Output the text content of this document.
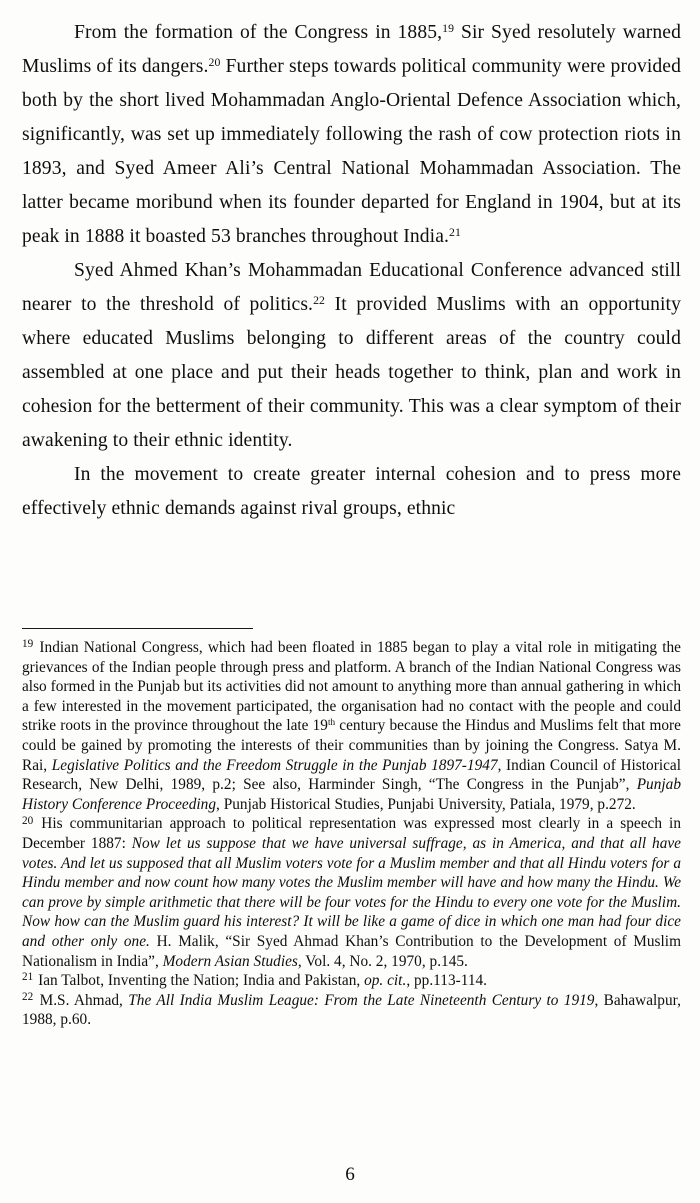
From the formation of the Congress in 1885,19 Sir Syed resolutely warned Muslims of its dangers.$^{20}$ Further steps towards political community were provided both by the short lived Mohammadan Anglo-Oriental Defence Association which, significantly, was set up immediately following the rash of cow protection riots in 1893, and Syed Ameer Ali’s Central National Mohammadan Association. The latter became moribund when its founder departed for England in 1904, but at its peak in 1888 it boasted 53 branches throughout India.$^{21}$

Syed Ahmed Khan’s Mohammadan Educational Conference advanced still nearer to the threshold of politics.$^{22}$ It provided Muslims with an opportunity where educated Muslims belonging to different areas of the country could assembled at one place and put their heads together to think, plan and work in cohesion for the betterment of their community. This was a clear symptom of their awakening to their ethnic identity.

In the movement to create greater internal cohesion and to press more effectively ethnic demands against rival groups, ethnic

$^{19}$ Indian National Congress, which had been floated in 1885 began to play a vital role in mitigating the grievances of the Indian people through press and platform. A branch of the Indian National Congress was also formed in the Punjab but its activities did not amount to anything more than annual gathering in which a few interested in the movement participated, the organisation had no contact with the people and could strike roots in the province throughout the late 19th century because the Hindus and Muslims felt that more could be gained by promoting the interests of their communities than by joining the Congress. Satya M. Rai, Legislative Politics and the Freedom Struggle in the Punjab 1897-1947, Indian Council of Historical Research, New Delhi, 1989, p.2; See also, Harminder Singh, “The Congress in the Punjab”, Punjab History Conference Proceeding, Punjab Historical Studies, Punjabi University, Patiala, 1979, p.272.

$^{20}$ His communitarian approach to political representation was expressed most clearly in a speech in December 1887: Now let us suppose that we have universal suffrage, as in America, and that all have votes. And let us supposed that all Muslim voters vote for a Muslim member and that all Hindu voters for a Hindu member and now count how many votes the Muslim member will have and how many the Hindu. We can prove by simple arithmetic that there will be four votes for the Hindu to every one vote for the Muslim. Now how can the Muslim guard his interest? It will be like a game of dice in which one man had four dice and other only one. H. Malik, “Sir Syed Ahmad Khan’s Contribution to the Development of Muslim Nationalism in India”, Modern Asian Studies, Vol. 4, No. 2, 1970, p.145.

$^{21}$ Ian Talbot, Inventing the Nation; India and Pakistan, op. cit., pp.113-114.

$^{22}$ M.S. Ahmad, The All India Muslim League: From the Late Nineteenth Century to 1919, Bahawalpur, 1988, p.60.

6
